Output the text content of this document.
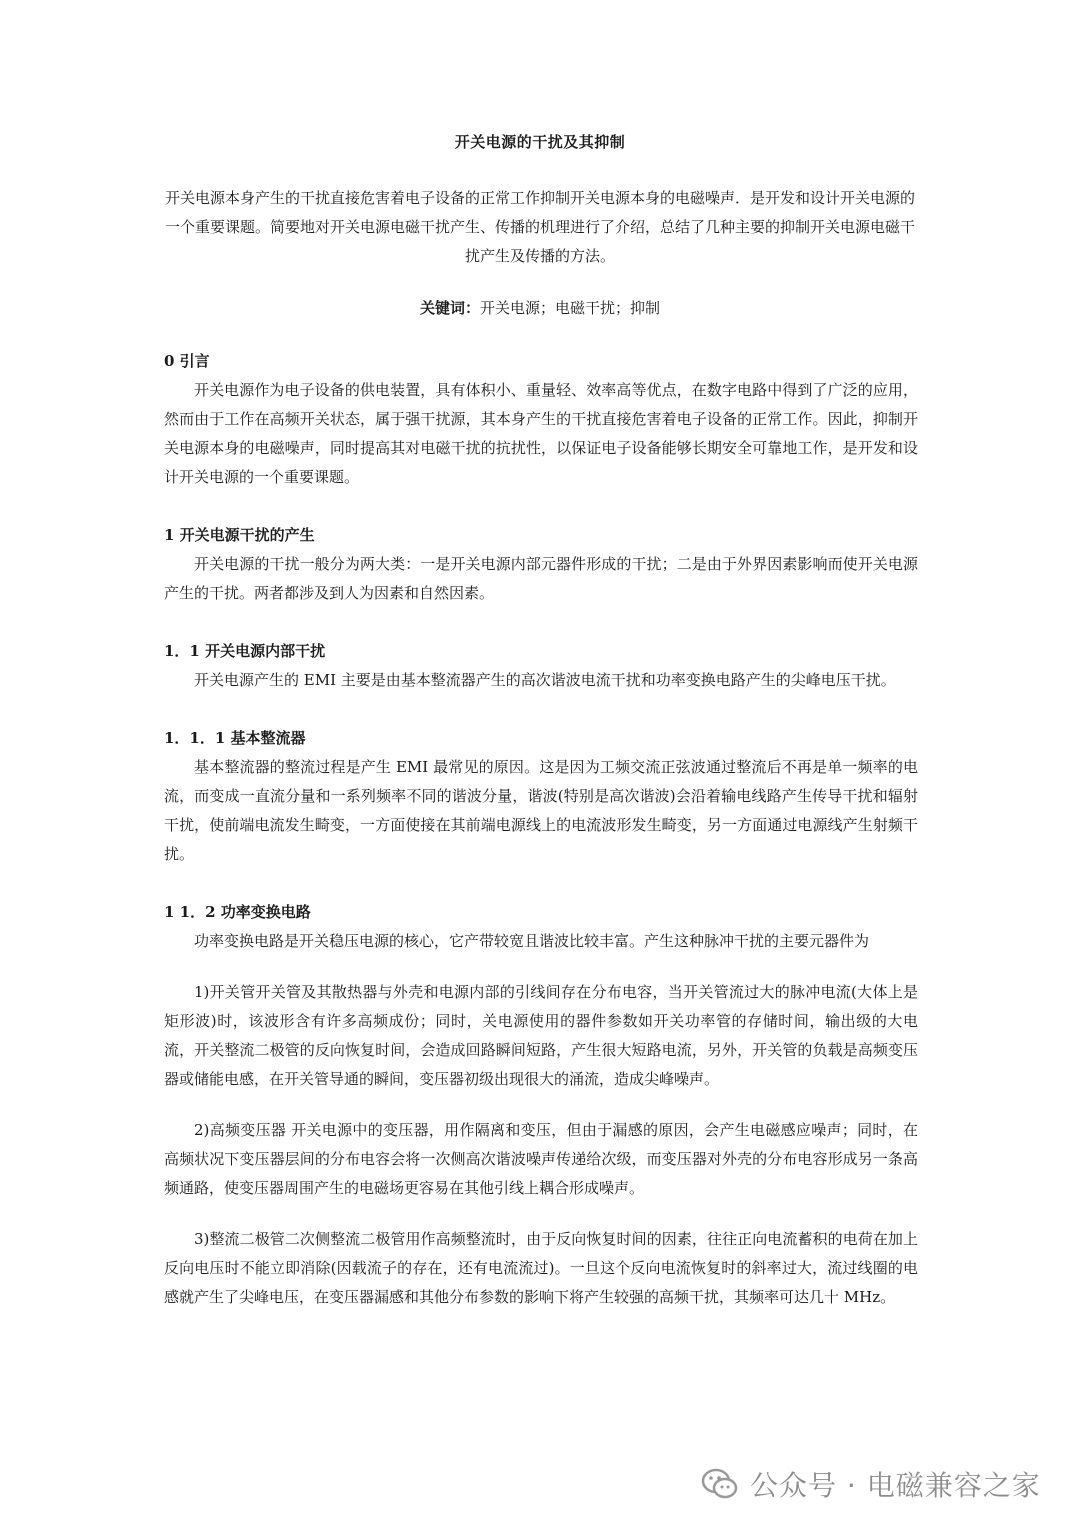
开关电源的干扰及其抑制
开关电源本身产生的干扰直接危害着电子设备的正常工作抑制开关电源本身的电磁噪声．是开发和设计开关电源的一个重要课题。简要地对开关电源电磁干扰产生、传播的机理进行了介绍，总结了几种主要的抑制开关电源电磁干扰产生及传播的方法。
关键词：开关电源；电磁干扰；抑制
0 引言

开关电源作为电子设备的供电装置，具有体积小、重量轻、效率高等优点，在数字电路中得到了广泛的应用，然而由于工作在高频开关状态，属于强干扰源，其本身产生的干扰直接危害着电子设备的正常工作。因此，抑制开关电源本身的电磁噪声，同时提高其对电磁干扰的抗扰性，以保证电子设备能够长期安全可靠地工作，是开发和设计开关电源的一个重要课题。

1 开关电源干扰的产生

开关电源的干扰一般分为两大类：一是开关电源内部元器件形成的干扰；二是由于外界因素影响而使开关电源产生的干扰。两者都涉及到人为因素和自然因素。

1．1 开关电源内部干扰

开关电源产生的 EMI 主要是由基本整流器产生的高次谐波电流干扰和功率变换电路产生的尖峰电压干扰。

1．1．1 基本整流器

基本整流器的整流过程是产生 EMI 最常见的原因。这是因为工频交流正弦波通过整流后不再是单一频率的电流，而变成一直流分量和一系列频率不同的谐波分量，谐波(特别是高次谐波)会沿着输电线路产生传导干扰和辐射干扰，使前端电流发生畸变，一方面使接在其前端电源线上的电流波形发生畸变，另一方面通过电源线产生射频干扰。

1 1．2 功率变换电路

功率变换电路是开关稳压电源的核心，它产带较宽且谐波比较丰富。产生这种脉冲干扰的主要元器件为

1)开关管开关管及其散热器与外壳和电源内部的引线间存在分布电容，当开关管流过大的脉冲电流(大体上是矩形波)时，该波形含有许多高频成份；同时，关电源使用的器件参数如开关功率管的存储时间，输出级的大电流，开关整流二极管的反向恢复时间，会造成回路瞬间短路，产生很大短路电流，另外，开关管的负载是高频变压器或储能电感，在开关管导通的瞬间，变压器初级出现很大的涌流，造成尖峰噪声。

2)高频变压器 开关电源中的变压器，用作隔离和变压，但由于漏感的原因，会产生电磁感应噪声；同时，在高频状况下变压器层间的分布电容会将一次侧高次谐波噪声传递给次级，而变压器对外壳的分布电容形成另一条高频通路，使变压器周围产生的电磁场更容易在其他引线上耦合形成噪声。

3)整流二极管二次侧整流二极管用作高频整流时，由于反向恢复时间的因素，往往正向电流蓄积的电荷在加上反向电压时不能立即消除(因载流子的存在，还有电流流过)。一旦这个反向电流恢复时的斜率过大，流过线圈的电感就产生了尖峰电压，在变压器漏感和其他分布参数的影响下将产生较强的高频干扰，其频率可达几十 MHz。

公众号 · 电磁兼容之家
